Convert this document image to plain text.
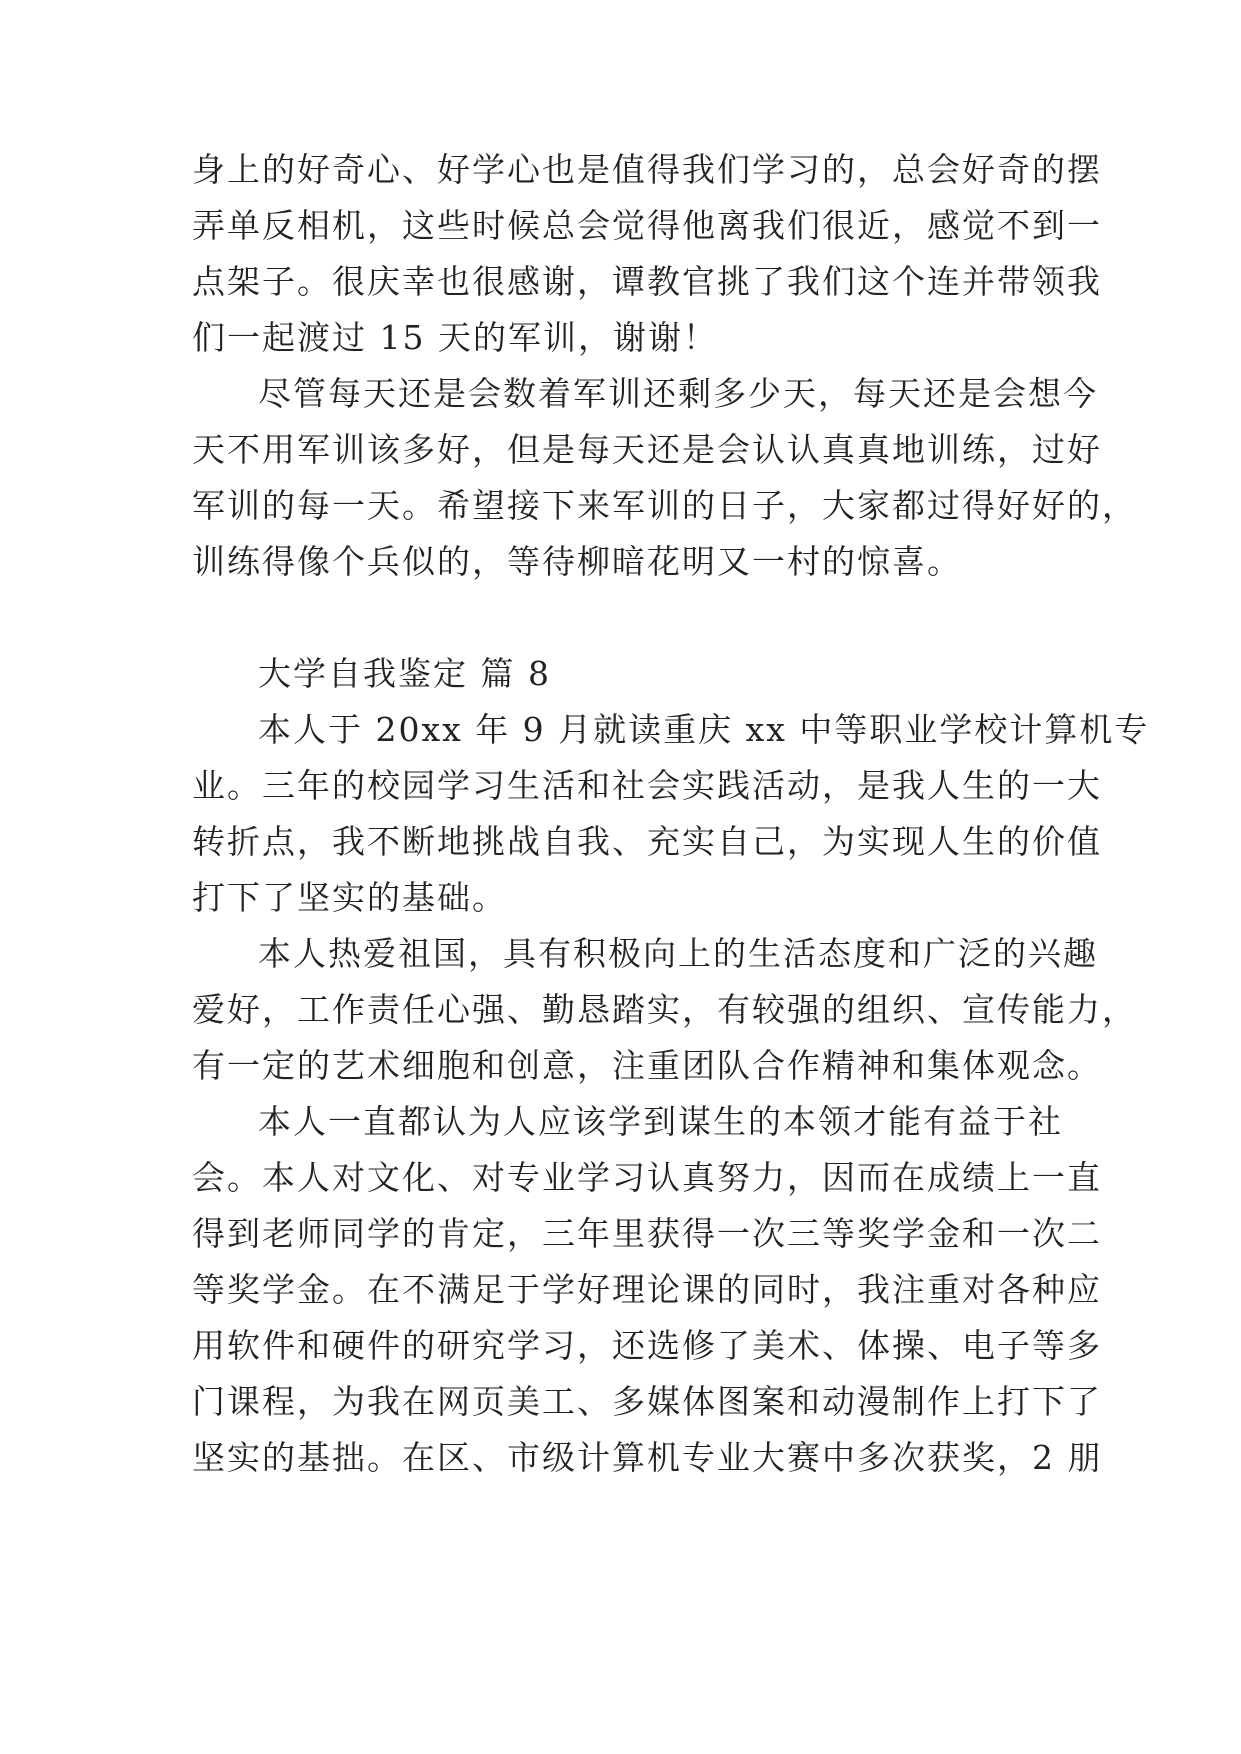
身上的好奇心、好学心也是值得我们学习的，总会好奇的摆
弄单反相机，这些时候总会觉得他离我们很近，感觉不到一
点架子。很庆幸也很感谢，谭教官挑了我们这个连并带领我
们一起渡过 15 天的军训，谢谢！
尽管每天还是会数着军训还剩多少天，每天还是会想今
天不用军训该多好，但是每天还是会认认真真地训练，过好
军训的每一天。希望接下来军训的日子，大家都过得好好的，
训练得像个兵似的，等待柳暗花明又一村的惊喜。
大学自我鉴定 篇 8
本人于 20xx 年 9 月就读重庆 xx 中等职业学校计算机专
业。三年的校园学习生活和社会实践活动，是我人生的一大
转折点，我不断地挑战自我、充实自己，为实现人生的价值
打下了坚实的基础。
本人热爱祖国，具有积极向上的生活态度和广泛的兴趣
爱好，工作责任心强、勤恳踏实，有较强的组织、宣传能力，
有一定的艺术细胞和创意，注重团队合作精神和集体观念。
本人一直都认为人应该学到谋生的本领才能有益于社
会。本人对文化、对专业学习认真努力，因而在成绩上一直
得到老师同学的肯定，三年里获得一次三等奖学金和一次二
等奖学金。在不满足于学好理论课的同时，我注重对各种应
用软件和硬件的研究学习，还选修了美术、体操、电子等多
门课程，为我在网页美工、多媒体图案和动漫制作上打下了
坚实的基拙。在区、市级计算机专业大赛中多次获奖，2 朋
